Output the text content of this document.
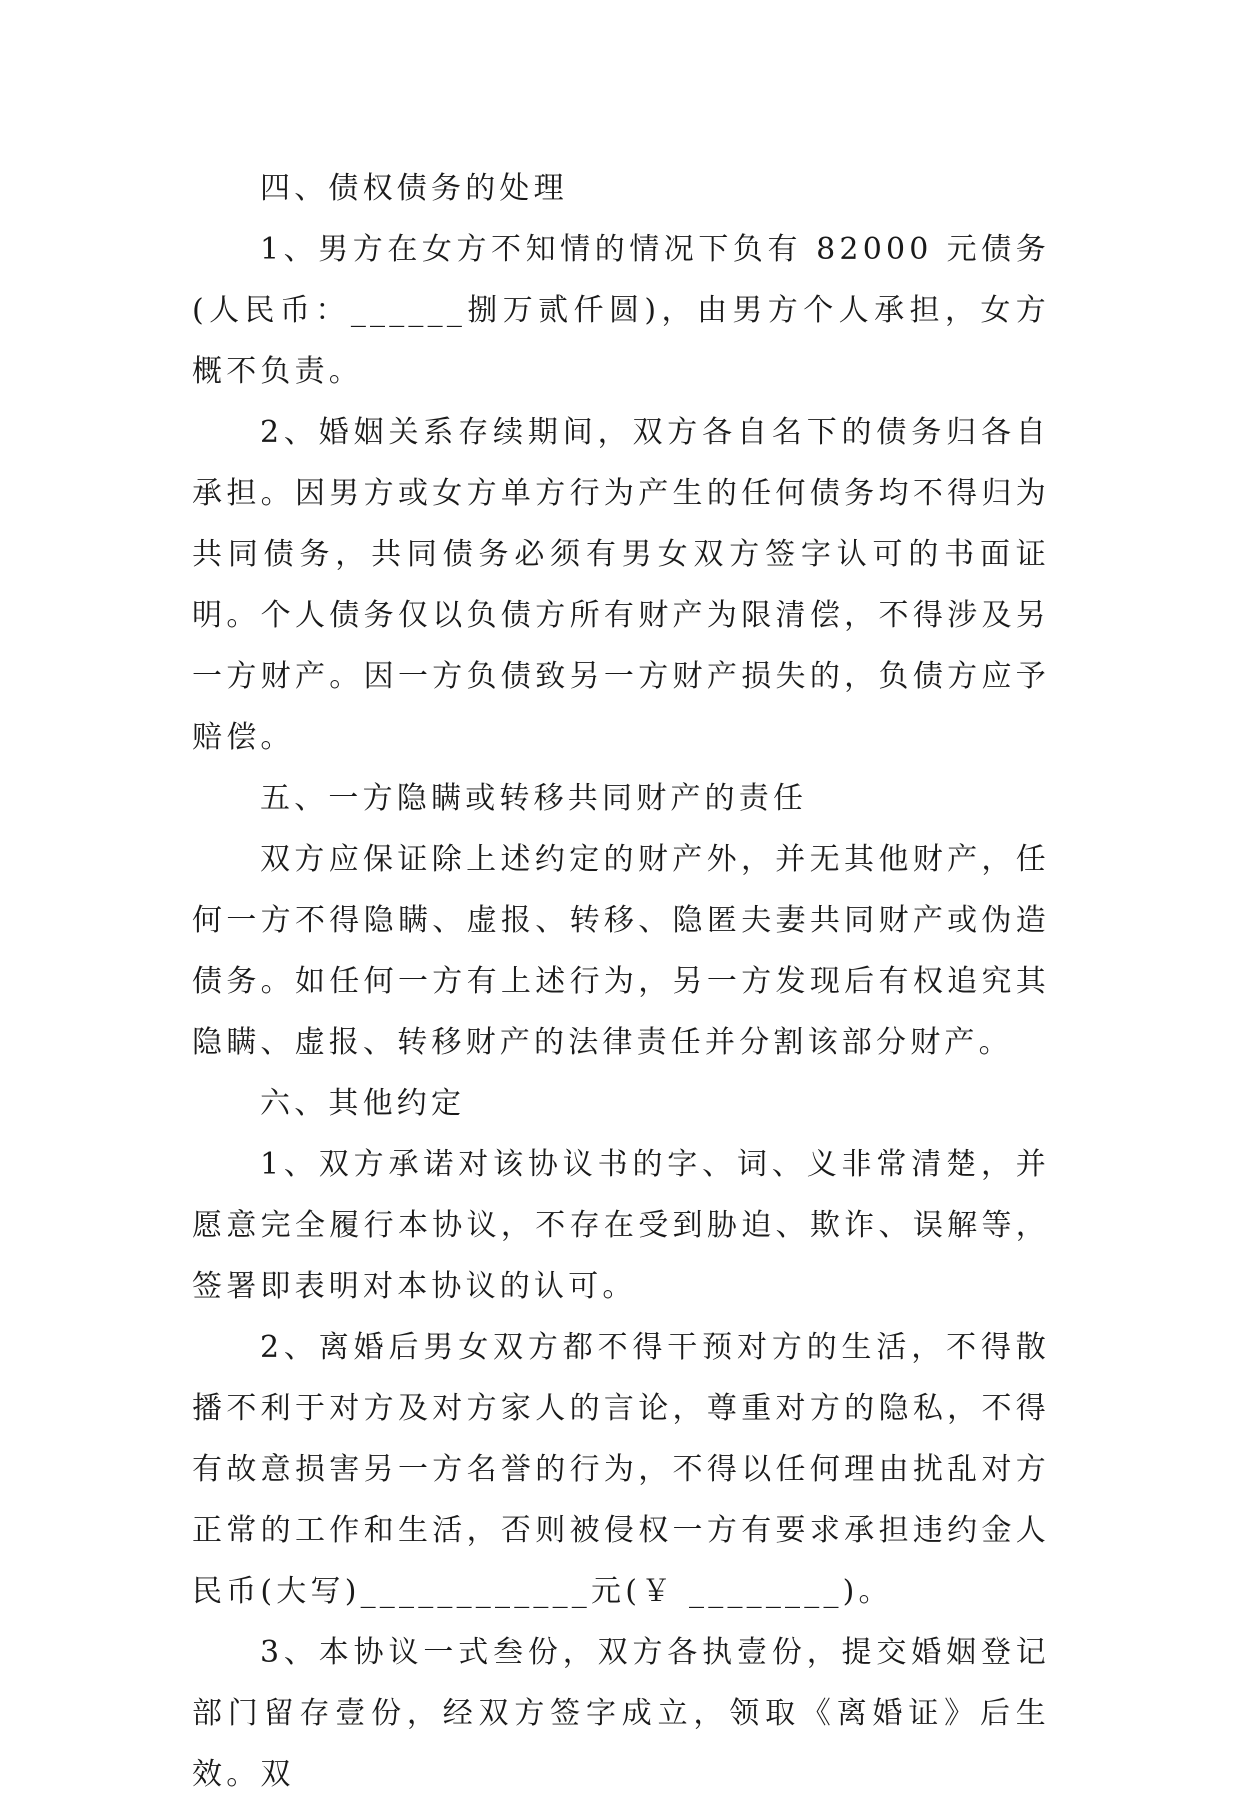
四、债权债务的处理

1、男方在女方不知情的情况下负有 82000 元债务(人民币：______捌万贰仟圆)，由男方个人承担，女方概不负责。

2、婚姻关系存续期间，双方各自名下的债务归各自承担。因男方或女方单方行为产生的任何债务均不得归为共同债务，共同债务必须有男女双方签字认可的书面证明。个人债务仅以负债方所有财产为限清偿，不得涉及另一方财产。因一方负债致另一方财产损失的，负债方应予赔偿。

五、一方隐瞒或转移共同财产的责任

双方应保证除上述约定的财产外，并无其他财产，任何一方不得隐瞒、虚报、转移、隐匿夫妻共同财产或伪造债务。如任何一方有上述行为，另一方发现后有权追究其隐瞒、虚报、转移财产的法律责任并分割该部分财产。

六、其他约定

1、双方承诺对该协议书的字、词、义非常清楚，并愿意完全履行本协议，不存在受到胁迫、欺诈、误解等，签署即表明对本协议的认可。

2、离婚后男女双方都不得干预对方的生活，不得散播不利于对方及对方家人的言论，尊重对方的隐私，不得有故意损害另一方名誉的行为，不得以任何理由扰乱对方正常的工作和生活，否则被侵权一方有要求承担违约金人民币(大写)____________元(￥ ________)。

3、本协议一式叁份，双方各执壹份，提交婚姻登记部门留存壹份，经双方签字成立，领取《离婚证》后生效。双
